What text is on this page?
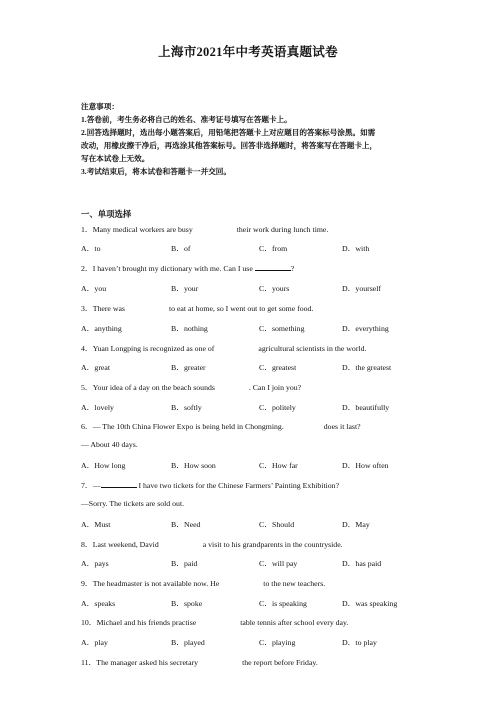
上海市2021年中考英语真题试卷

注意事项：

1.答卷前，考生务必将自己的姓名、准考证号填写在答题卡上。

2.回答选择题时，选出每小题答案后，用铅笔把答题卡上对应题目的答案标号涂黑。如需

改动，用橡皮擦干净后，再选涂其他答案标号。回答非选择题时，将答案写在答题卡上，

写在本试卷上无效。

3.考试结束后，将本试卷和答题卡一并交回。

一、单项选择
1．Many medical workers are busy	their work during lunch time.
A．to	B．of	C．from	D．with
2．I haven’t brought my dictionary with me. Can I use	?
A．you	B．your	C．yours	D．yourself
3．There was	to eat at home, so I went out to get some food.
A．anything	B．nothing	C．something	D．everything
4．Yuan Longping is recognized as one of	agricultural scientists in the world.
A．great	B．greater	C．greatest	D．the greatest
5．Your idea of a day on the beach sounds	. Can I join you?
A．lovely	B．softly	C．politely	D．beautifully
6．— The 10th China Flower Expo is being held in Chongming.	does it last?
— About 40 days.
A．How long	B．How soon	C．How far	D．How often
7．—	I have two tickets for the Chinese Farmers’ Painting Exhibition?
—Sorry. The tickets are sold out.
A．Must	B．Need	C．Should	D．May
8．Last weekend, David	a visit to his grandparents in the countryside.
A．pays	B．paid	C．will pay	D．has paid
9．The headmaster is not available now. He	to the new teachers.
A．speaks	B．spoke	C．is speaking	D．was speaking
10．Michael and his friends practise	table tennis after school every day.
A．play	B．played	C．playing	D．to play
11．The manager asked his secretary	the report before Friday.
